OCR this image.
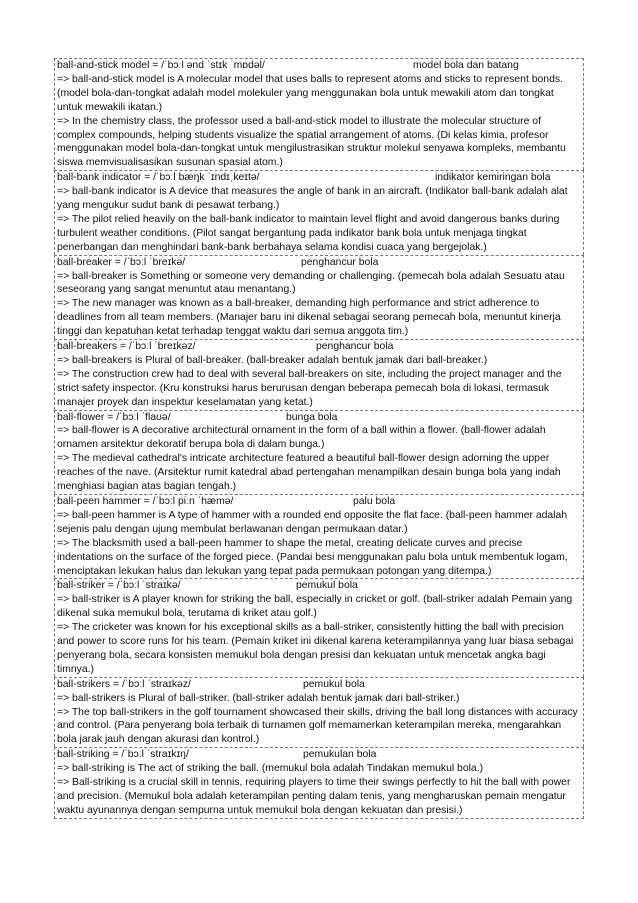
ball-and-stick model = /ˈbɔːl ənd ˈstɪk ˈmɒdəl/	model bola dan batang
=> ball-and-stick model is A molecular model that uses balls to represent atoms and sticks to represent bonds. (model bola-dan-tongkat adalah model molekuler yang menggunakan bola untuk mewakili atom dan tongkat untuk mewakili ikatan.)
=> In the chemistry class, the professor used a ball-and-stick model to illustrate the molecular structure of complex compounds, helping students visualize the spatial arrangement of atoms. (Di kelas kimia, profesor menggunakan model bola-dan-tongkat untuk mengilustrasikan struktur molekul senyawa kompleks, membantu siswa memvisualisasikan susunan spasial atom.)
ball-bank indicator = /ˈbɔːl bæŋk ˈɪndɪˌkeɪtə/	indikator kemiringan bola
=> ball-bank indicator is A device that measures the angle of bank in an aircraft. (Indikator ball-bank adalah alat yang mengukur sudut bank di pesawat terbang.)
=> The pilot relied heavily on the ball-bank indicator to maintain level flight and avoid dangerous banks during turbulent weather conditions. (Pilot sangat bergantung pada indikator bank bola untuk menjaga tingkat penerbangan dan menghindari bank-bank berbahaya selama kondisi cuaca yang bergejolak.)
ball-breaker = /ˈbɔːl ˈbreɪkə/	penghancur bola
=> ball-breaker is Something or someone very demanding or challenging. (pemecah bola adalah Sesuatu atau seseorang yang sangat menuntut atau menantang.)
=> The new manager was known as a ball-breaker, demanding high performance and strict adherence to deadlines from all team members. (Manajer baru ini dikenal sebagai seorang pemecah bola, menuntut kinerja tinggi dan kepatuhan ketat terhadap tenggat waktu dari semua anggota tim.)
ball-breakers = /ˈbɔːl ˈbreɪkəz/	penghancur bola
=> ball-breakers is Plural of ball-breaker. (ball-breaker adalah bentuk jamak dari ball-breaker.)
=> The construction crew had to deal with several ball-breakers on site, including the project manager and the strict safety inspector. (Kru konstruksi harus berurusan dengan beberapa pemecah bola di lokasi, termasuk manajer proyek dan inspektur keselamatan yang ketat.)
ball-flower = /ˈbɔːl ˈflaʊə/	bunga bola
=> ball-flower is A decorative architectural ornament in the form of a ball within a flower. (ball-flower adalah ornamen arsitektur dekoratif berupa bola di dalam bunga.)
=> The medieval cathedral's intricate architecture featured a beautiful ball-flower design adorning the upper reaches of the nave. (Arsitektur rumit katedral abad pertengahan menampilkan desain bunga bola yang indah menghiasi bagian atas bagian tengah.)
ball-peen hammer = /ˈbɔːl piːn ˈhæmə/	palu bola
=> ball-peen hammer is A type of hammer with a rounded end opposite the flat face. (ball-peen hammer adalah sejenis palu dengan ujung membulat berlawanan dengan permukaan datar.)
=> The blacksmith used a ball-peen hammer to shape the metal, creating delicate curves and precise indentations on the surface of the forged piece. (Pandai besi menggunakan palu bola untuk membentuk logam, menciptakan lekukan halus dan lekukan yang tepat pada permukaan potongan yang ditempa.)
ball-striker = /ˈbɔːl ˈstraɪkə/	pemukul bola
=> ball-striker is A player known for striking the ball, especially in cricket or golf. (ball-striker adalah Pemain yang dikenal suka memukul bola, terutama di kriket atau golf.)
=> The cricketer was known for his exceptional skills as a ball-striker, consistently hitting the ball with precision and power to score runs for his team. (Pemain kriket ini dikenal karena keterampilannya yang luar biasa sebagai penyerang bola, secara konsisten memukul bola dengan presisi dan kekuatan untuk mencetak angka bagi timnya.)
ball-strikers = /ˈbɔːl ˈstraɪkəz/	pemukul bola
=> ball-strikers is Plural of ball-striker. (ball-striker adalah bentuk jamak dari ball-striker.)
=> The top ball-strikers in the golf tournament showcased their skills, driving the ball long distances with accuracy and control. (Para penyerang bola terbaik di turnamen golf memamerkan keterampilan mereka, mengarahkan bola jarak jauh dengan akurasi dan kontrol.)
ball-striking = /ˈbɔːl ˈstraɪkɪŋ/	pemukulan bola
=> ball-striking is The act of striking the ball. (memukul bola adalah Tindakan memukul bola.)
=> Ball-striking is a crucial skill in tennis, requiring players to time their swings perfectly to hit the ball with power and precision. (Memukul bola adalah keterampilan penting dalam tenis, yang mengharuskan pemain mengatur waktu ayunannya dengan sempurna untuk memukul bola dengan kekuatan dan presisi.)
